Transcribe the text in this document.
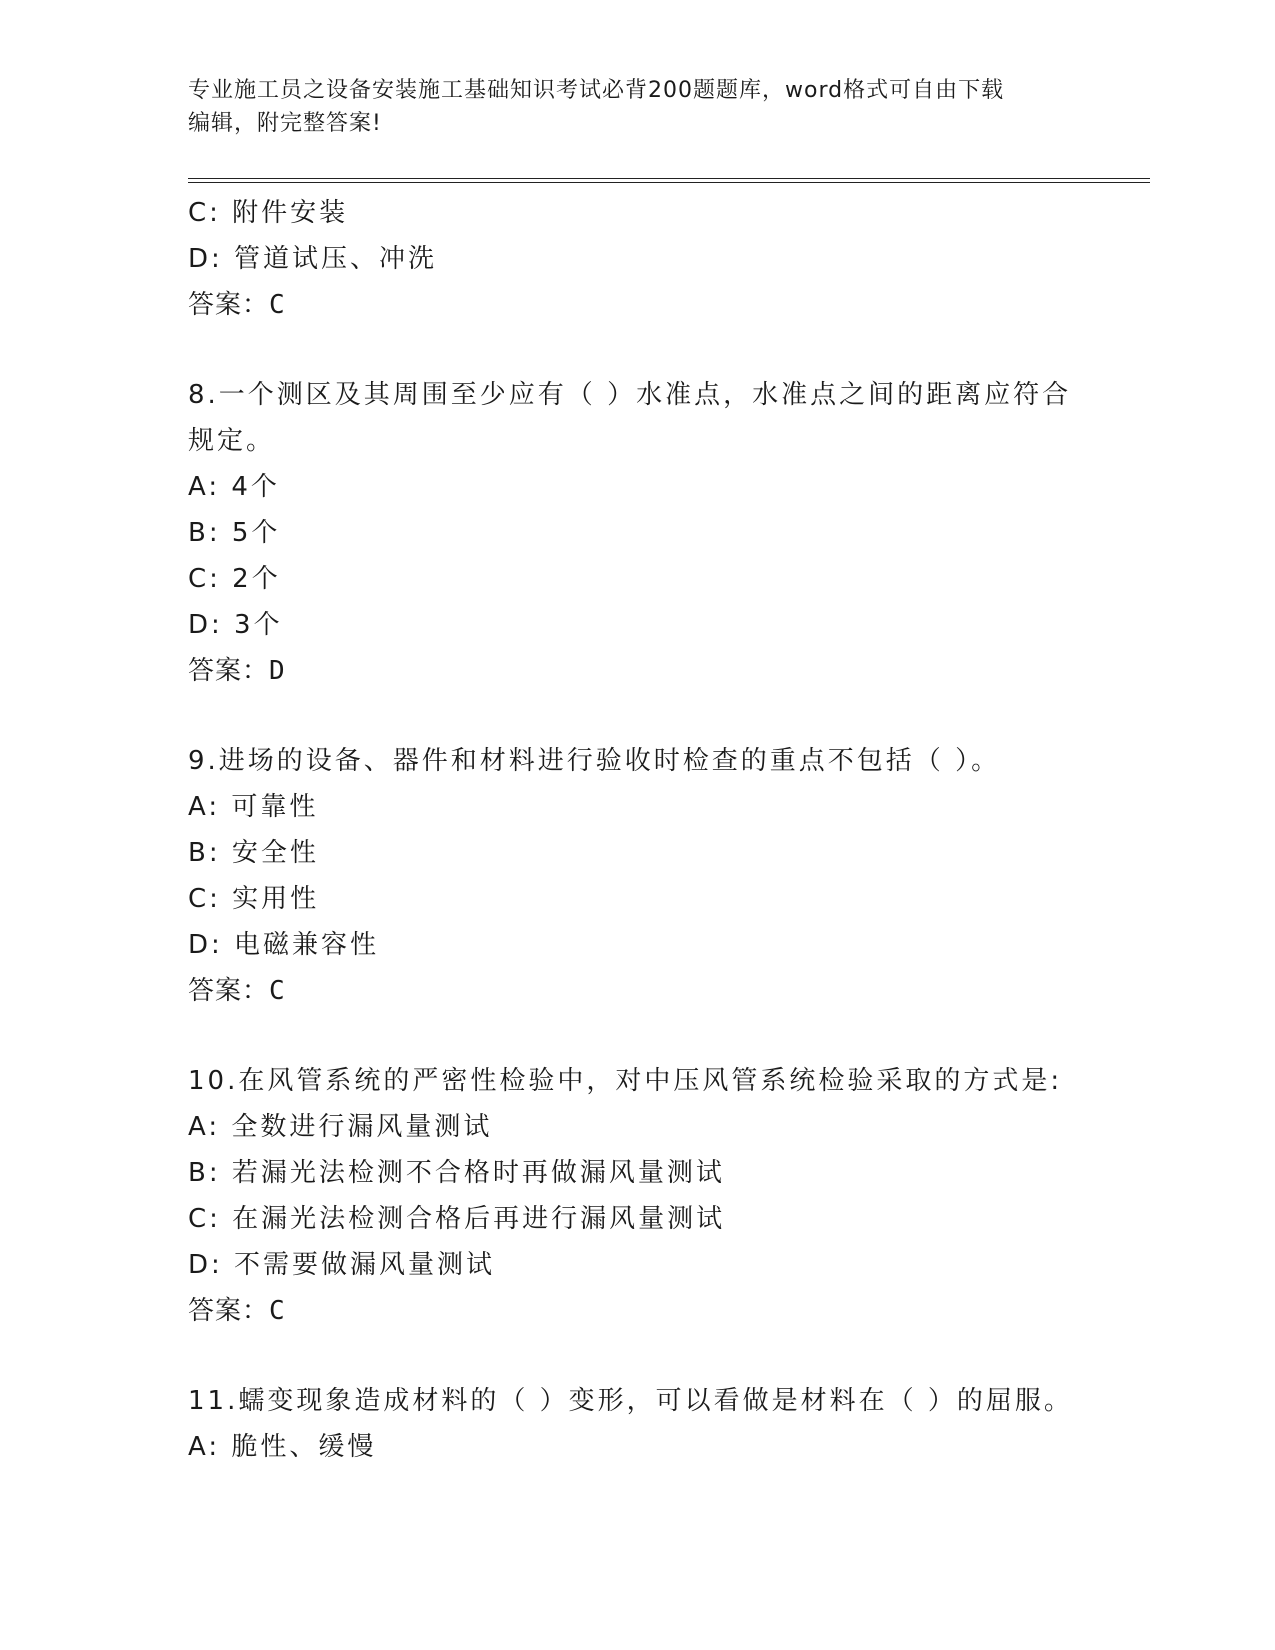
专业施工员之设备安装施工基础知识考试必背200题题库，word格式可自由下载
编辑，附完整答案!
C: 附件安装
D: 管道试压、冲洗
答案：C
8.一个测区及其周围至少应有（ ）水准点，水准点之间的距离应符合
规定。
A: 4个
B: 5个
C: 2个
D: 3个
答案：D
9.进场的设备、器件和材料进行验收时检查的重点不包括（ ）。
A: 可靠性
B: 安全性
C: 实用性
D: 电磁兼容性
答案：C
10.在风管系统的严密性检验中，对中压风管系统检验采取的方式是:
A: 全数进行漏风量测试
B: 若漏光法检测不合格时再做漏风量测试
C: 在漏光法检测合格后再进行漏风量测试
D: 不需要做漏风量测试
答案：C
11.蠕变现象造成材料的（ ）变形，可以看做是材料在（ ）的屈服。
A: 脆性、缓慢
